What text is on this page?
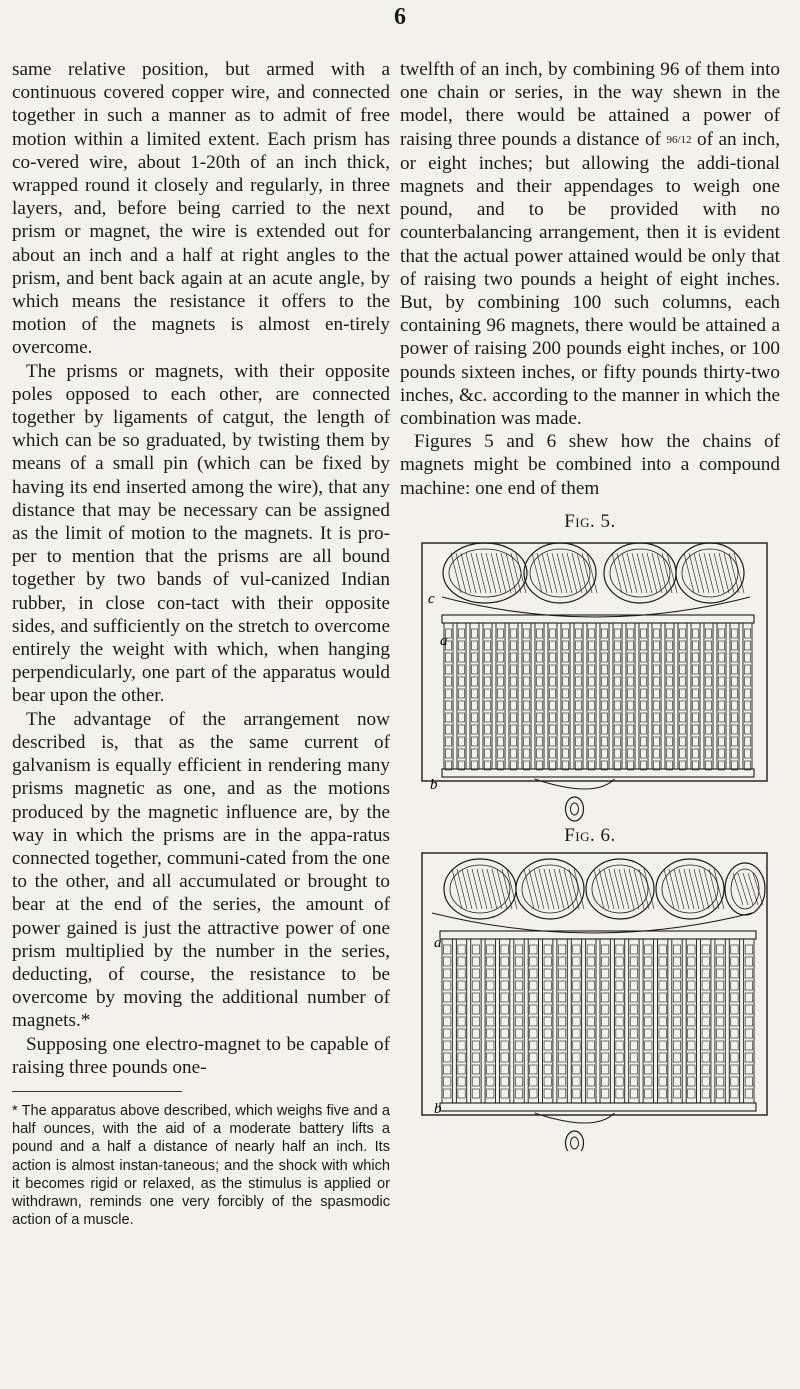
6

same relative position, but armed with a continuous covered copper wire, and connected together in such a manner as to admit of free motion within a limited extent. Each prism has co-vered wire, about 1-20th of an inch thick, wrapped round it closely and regularly, in three layers, and, before being carried to the next prism or magnet, the wire is extended out for about an inch and a half at right angles to the prism, and bent back again at an acute angle, by which means the resistance it offers to the motion of the magnets is almost en-tirely overcome.

The prisms or magnets, with their opposite poles opposed to each other, are connected together by ligaments of catgut, the length of which can be so graduated, by twisting them by means of a small pin (which can be fixed by having its end inserted among the wire), that any distance that may be necessary can be assigned as the limit of motion to the magnets. It is pro-per to mention that the prisms are all bound together by two bands of vul-canized Indian rubber, in close con-tact with their opposite sides, and sufficiently on the stretch to overcome entirely the weight with which, when hanging perpendicularly, one part of the apparatus would bear upon the other.

The advantage of the arrangement now described is, that as the same current of galvanism is equally efficient in rendering many prisms magnetic as one, and as the motions produced by the magnetic influence are, by the way in which the prisms are in the appa-ratus connected together, communi-cated from the one to the other, and all accumulated or brought to bear at the end of the series, the amount of power gained is just the attractive power of one prism multiplied by the number in the series, deducting, of course, the resistance to be overcome by moving the additional number of magnets.*

Supposing one electro-magnet to be capable of raising three pounds one-

* The apparatus above described, which weighs five and a half ounces, with the aid of a moderate battery lifts a pound and a half a distance of nearly half an inch. Its action is almost instan-taneous; and the shock with which it becomes rigid or relaxed, as the stimulus is applied or withdrawn, reminds one very forcibly of the spasmodic action of a muscle.

twelfth of an inch, by combining 96 of them into one chain or series, in the way shewn in the model, there would be attained a power of raising three pounds a distance of 96/12 of an inch, or eight inches; but allowing the addi-tional magnets and their appendages to weigh one pound, and to be provided with no counterbalancing arrangement, then it is evident that the actual power attained would be only that of raising two pounds a height of eight inches. But, by combining 100 such columns, each containing 96 magnets, there would be attained a power of raising 200 pounds eight inches, or 100 pounds sixteen inches, or fifty pounds thirty-two inches, &c. according to the manner in which the combination was made.

Figures 5 and 6 shew how the chains of magnets might be combined into a compound machine: one end of them

Fig. 5.
c
a
b
Fig. 6.
a
b
